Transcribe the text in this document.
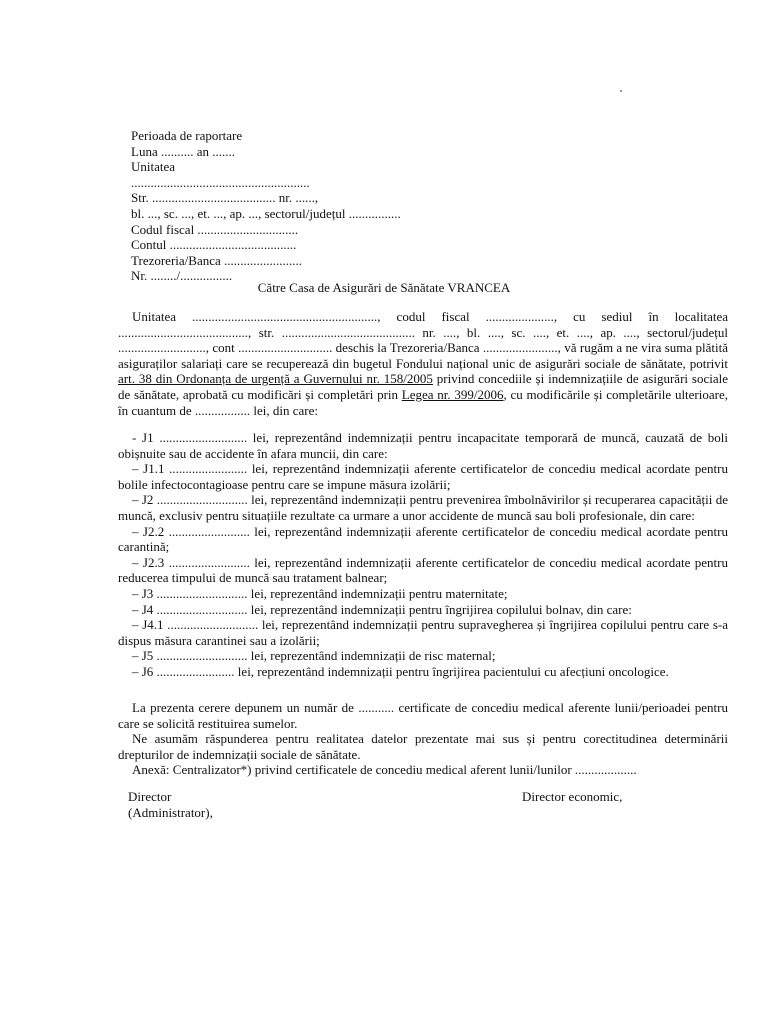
Perioada de raportare
Luna .......... an .......
Unitatea
.......................................................
Str. ...................................... nr. ......,
bl. ..., sc. ..., et. ..., ap. ..., sectorul/județul ................
Codul fiscal ...............................
Contul .......................................
Trezoreria/Banca ........................
Nr. ......../................
Către Casa de Asigurări de Sănătate VRANCEA

Unitatea ........................................................., codul fiscal ....................., cu sediul în localitatea ........................................, str. ......................................... nr. ...., bl. ...., sc. ...., et. ...., ap. ...., sectorul/județul ..........................., cont ............................. deschis la Trezoreria/Banca ......................., vă rugăm a ne vira suma plătită asiguraților salariați care se recuperează din bugetul Fondului național unic de asigurări sociale de sănătate, potrivit art. 38 din Ordonanța de urgență a Guvernului nr. 158/2005 privind concediile și indemnizațiile de asigurări sociale de sănătate, aprobată cu modificări și completări prin Legea nr. 399/2006, cu modificările și completările ulterioare, în cuantum de ................. lei, din care:

- J1 ........................... lei, reprezentând indemnizații pentru incapacitate temporară de muncă, cauzată de boli obișnuite sau de accidente în afara muncii, din care:

– J1.1 ........................ lei, reprezentând indemnizații aferente certificatelor de concediu medical acordate pentru bolile infectocontagioase pentru care se impune măsura izolării;

– J2 ............................ lei, reprezentând indemnizații pentru prevenirea îmbolnăvirilor și recuperarea capacității de muncă, exclusiv pentru situațiile rezultate ca urmare a unor accidente de muncă sau boli profesionale, din care:

– J2.2 ......................... lei, reprezentând indemnizații aferente certificatelor de concediu medical acordate pentru carantină;

– J2.3 ......................... lei, reprezentând indemnizații aferente certificatelor de concediu medical acordate pentru reducerea timpului de muncă sau tratament balnear;

– J3 ............................ lei, reprezentând indemnizații pentru maternitate;

– J4 ............................ lei, reprezentând indemnizații pentru îngrijirea copilului bolnav, din care:

– J4.1 ............................ lei, reprezentând indemnizații pentru supravegherea și îngrijirea copilului pentru care s-a dispus măsura carantinei sau a izolării;

– J5 ............................ lei, reprezentând indemnizații de risc maternal;

– J6 ........................ lei, reprezentând indemnizații pentru îngrijirea pacientului cu afecțiuni oncologice.

La prezenta cerere depunem un număr de ........... certificate de concediu medical aferente lunii/perioadei pentru care se solicită restituirea sumelor.

Ne asumăm răspunderea pentru realitatea datelor prezentate mai sus și pentru corectitudinea determinării drepturilor de indemnizații sociale de sănătate.

Anexă: Centralizator*) privind certificatele de concediu medical aferent lunii/lunilor ...................

Director
(Administrator),
Director economic,
